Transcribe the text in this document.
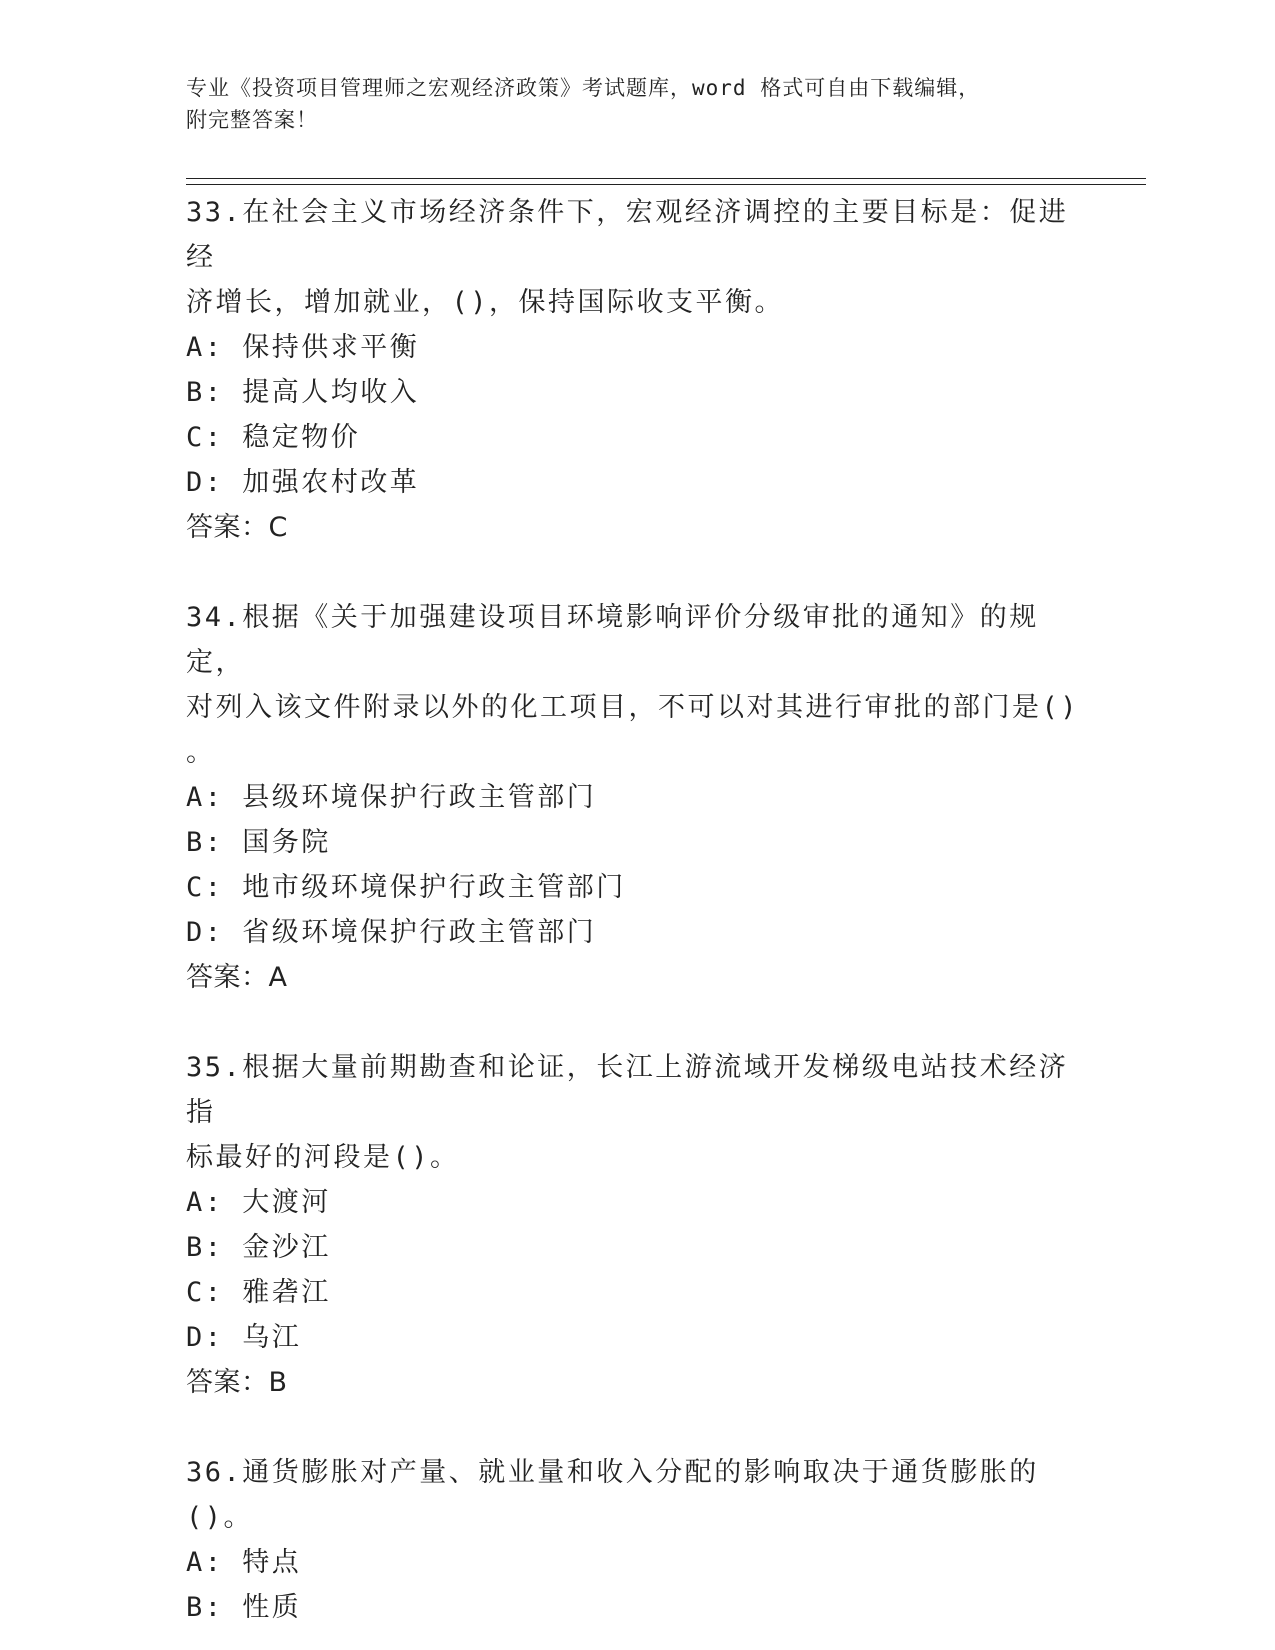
专业《投资项目管理师之宏观经济政策》考试题库，word 格式可自由下载编辑，
附完整答案！
33.在社会主义市场经济条件下，宏观经济调控的主要目标是：促进经
济增长，增加就业，()，保持国际收支平衡。
A: 保持供求平衡
B: 提高人均收入
C: 稳定物价
D: 加强农村改革
答案：C
34.根据《关于加强建设项目环境影响评价分级审批的通知》的规定，
对列入该文件附录以外的化工项目，不可以对其进行审批的部门是()
。
A: 县级环境保护行政主管部门
B: 国务院
C: 地市级环境保护行政主管部门
D: 省级环境保护行政主管部门
答案：A
35.根据大量前期勘查和论证，长江上游流域开发梯级电站技术经济指
标最好的河段是()。
A: 大渡河
B: 金沙江
C: 雅砻江
D: 乌江
答案：B
36.通货膨胀对产量、就业量和收入分配的影响取决于通货膨胀的()。
A: 特点
B: 性质
